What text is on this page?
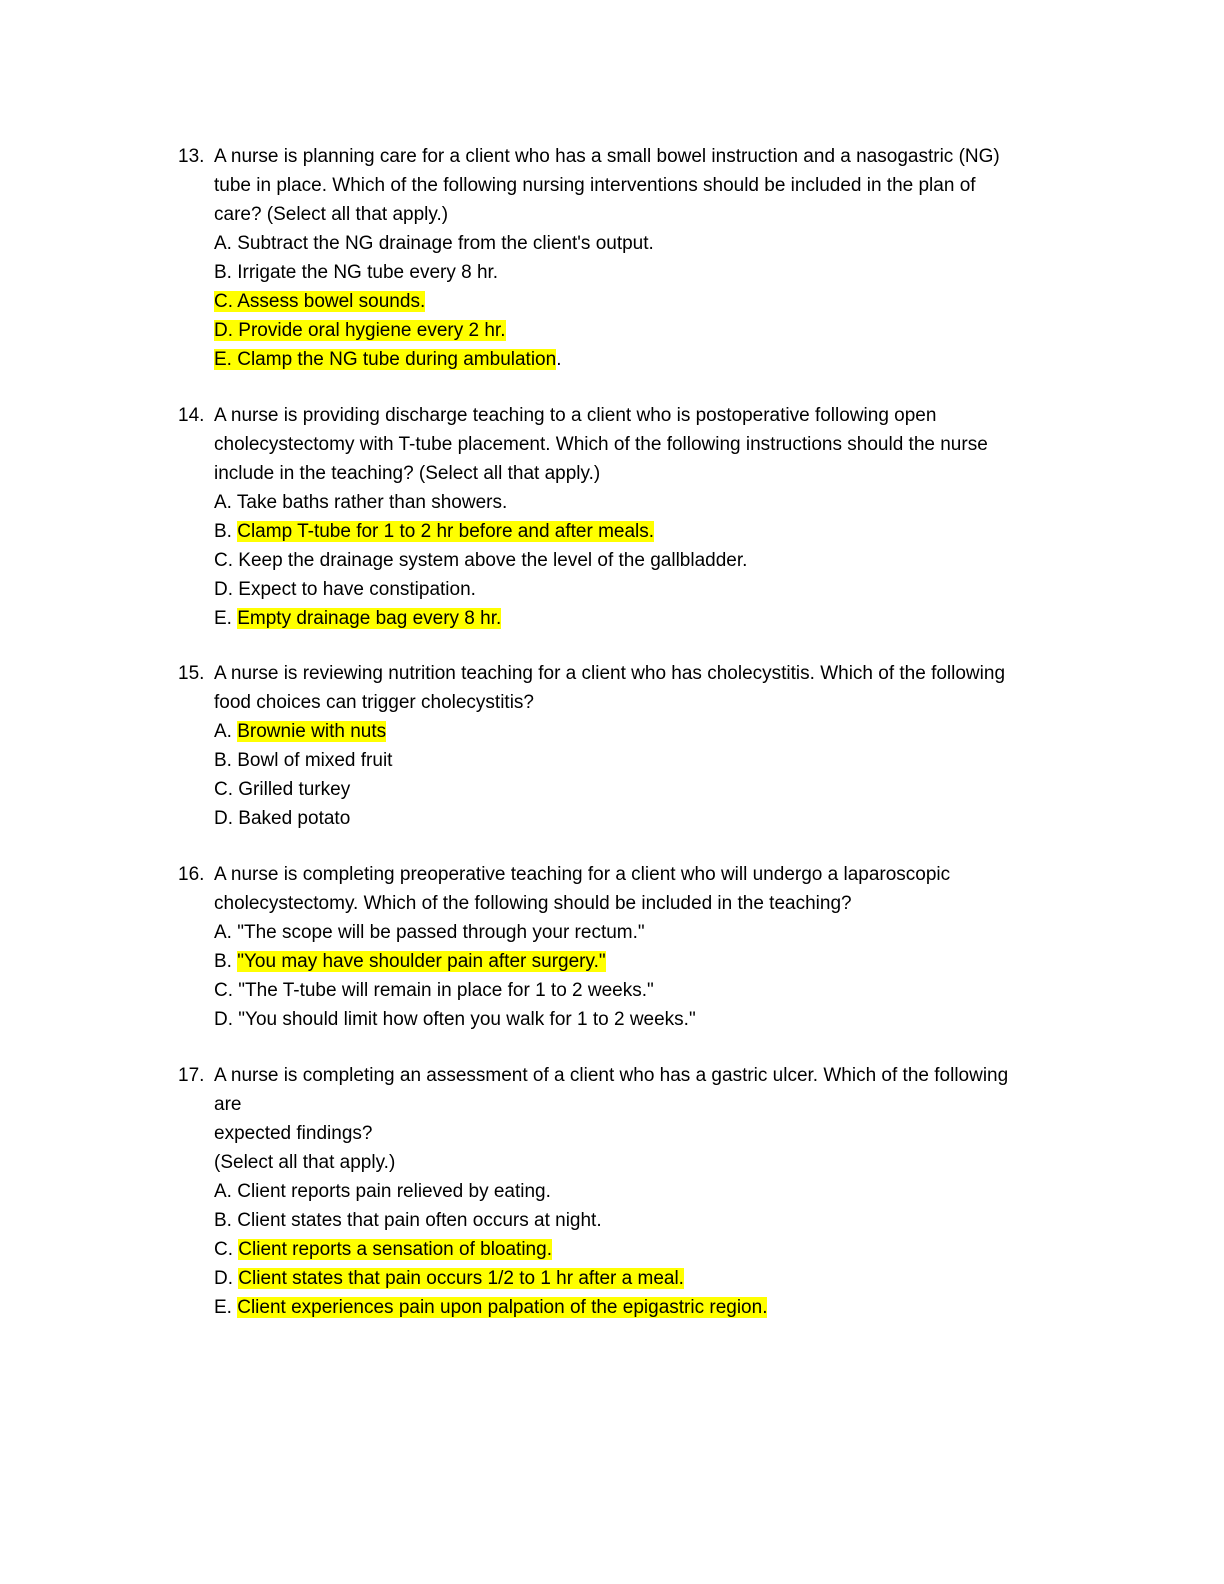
13. A nurse is planning care for a client who has a small bowel instruction and a nasogastric (NG)
tube in place. Which of the following nursing interventions should be included in the plan of
care? (Select all that apply.)
A. Subtract the NG drainage from the client's output.
B. Irrigate the NG tube every 8 hr.
C. Assess bowel sounds.
D. Provide oral hygiene every 2 hr.
E. Clamp the NG tube during ambulation.
14. A nurse is providing discharge teaching to a client who is postoperative following open
cholecystectomy with T-tube placement. Which of the following instructions should the nurse
include in the teaching? (Select all that apply.)
A. Take baths rather than showers.
B. Clamp T-tube for 1 to 2 hr before and after meals.
C. Keep the drainage system above the level of the gallbladder.
D. Expect to have constipation.
E. Empty drainage bag every 8 hr.
15. A nurse is reviewing nutrition teaching for a client who has cholecystitis. Which of the following
food choices can trigger cholecystitis?
A. Brownie with nuts
B. Bowl of mixed fruit
C. Grilled turkey
D. Baked potato
16. A nurse is completing preoperative teaching for a client who will undergo a laparoscopic
cholecystectomy. Which of the following should be included in the teaching?
A. "The scope will be passed through your rectum."
B. "You may have shoulder pain after surgery."
C. "The T-tube will remain in place for 1 to 2 weeks."
D. "You should limit how often you walk for 1 to 2 weeks."
17. A nurse is completing an assessment of a client who has a gastric ulcer. Which of the following
are
expected findings?
(Select all that apply.)
A. Client reports pain relieved by eating.
B. Client states that pain often occurs at night.
C. Client reports a sensation of bloating.
D. Client states that pain occurs 1/2 to 1 hr after a meal.
E. Client experiences pain upon palpation of the epigastric region.
